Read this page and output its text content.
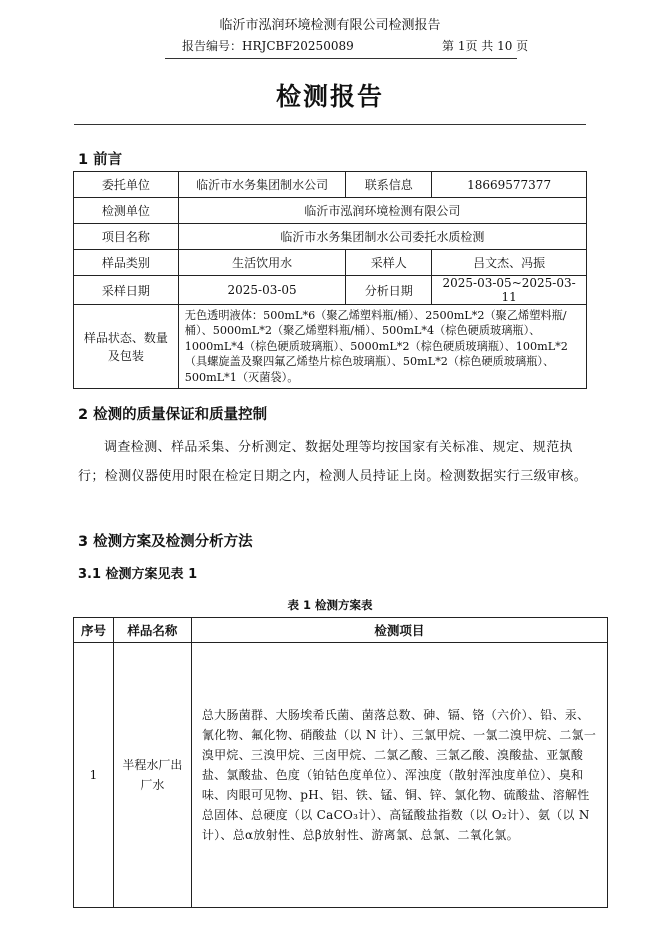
临沂市泓润环境检测有限公司检测报告
报告编号：HRJCBF20250089	第 1页 共 10 页
检测报告
1 前言
委托单位	临沂市水务集团制水公司	联系信息	18669577377
检测单位	临沂市泓润环境检测有限公司		
项目名称	临沂市水务集团制水公司委托水质检测		
样品类别	生活饮用水	采样人	吕文杰、冯振
采样日期	2025-03-05	分析日期	2025-03-05~2025-03-11
样品状态、数量及包装	无色透明液体：500mL*6（聚乙烯塑料瓶/桶）、2500mL*2（聚乙烯塑料瓶/桶）、5000mL*2（聚乙烯塑料瓶/桶）、500mL*4（棕色硬质玻璃瓶）、1000mL*4（棕色硬质玻璃瓶）、5000mL*2（棕色硬质玻璃瓶）、100mL*2（具螺旋盖及聚四氟乙烯垫片棕色玻璃瓶）、50mL*2（棕色硬质玻璃瓶）、500mL*1（灭菌袋）。		
2 检测的质量保证和质量控制
调查检测、样品采集、分析测定、数据处理等均按国家有关标准、规定、规范执行；检测仪器使用时限在检定日期之内，检测人员持证上岗。检测数据实行三级审核。
3 检测方案及检测分析方法
3.1 检测方案见表 1
表 1 检测方案表
序号	样品名称	检测项目
1	半程水厂出厂水	总大肠菌群、大肠埃希氏菌、菌落总数、砷、镉、铬（六价）、铅、汞、氰化物、氟化物、硝酸盐（以 N 计）、三氯甲烷、一氯二溴甲烷、二氯一溴甲烷、三溴甲烷、三卤甲烷、二氯乙酸、三氯乙酸、溴酸盐、亚氯酸盐、氯酸盐、色度（铂钴色度单位）、浑浊度（散射浑浊度单位）、臭和味、肉眼可见物、pH、铝、铁、锰、铜、锌、氯化物、硫酸盐、溶解性总固体、总硬度（以 CaCO₃计）、高锰酸盐指数（以 O₂计）、氨（以 N 计）、总α放射性、总β放射性、游离氯、总氯、二氧化氯。
